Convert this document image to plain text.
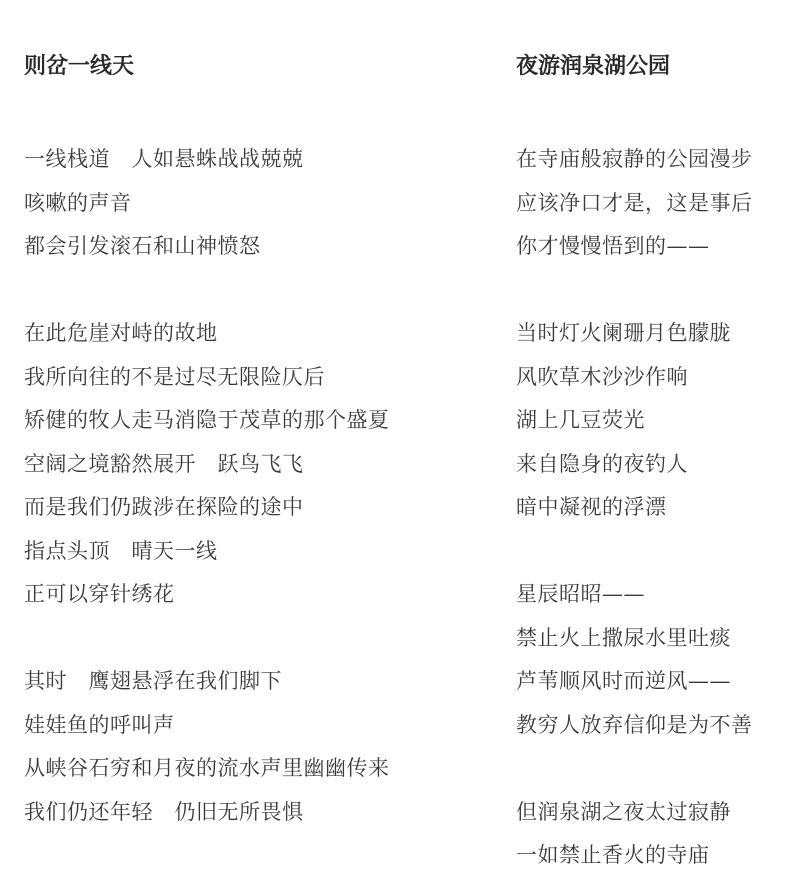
则岔一线天
一线栈道　人如悬蛛战战兢兢
咳嗽的声音
都会引发滚石和山神愤怒
在此危崖对峙的故地
我所向往的不是过尽无限险仄后
矫健的牧人走马消隐于茂草的那个盛夏
空阔之境豁然展开　跃鸟飞飞
而是我们仍跋涉在探险的途中
指点头顶　晴天一线
正可以穿针绣花
其时　鹰翅悬浮在我们脚下
娃娃鱼的呼叫声
从峡谷石穷和月夜的流水声里幽幽传来
我们仍还年轻　仍旧无所畏惧
夜游润泉湖公园
在寺庙般寂静的公园漫步
应该净口才是，这是事后
你才慢慢悟到的——
当时灯火阑珊月色朦胧
风吹草木沙沙作响
湖上几豆荧光
来自隐身的夜钓人
暗中凝视的浮漂
星辰昭昭——
禁止火上撒尿水里吐痰
芦苇顺风时而逆风——
教穷人放弃信仰是为不善
但润泉湖之夜太过寂静
一如禁止香火的寺庙
